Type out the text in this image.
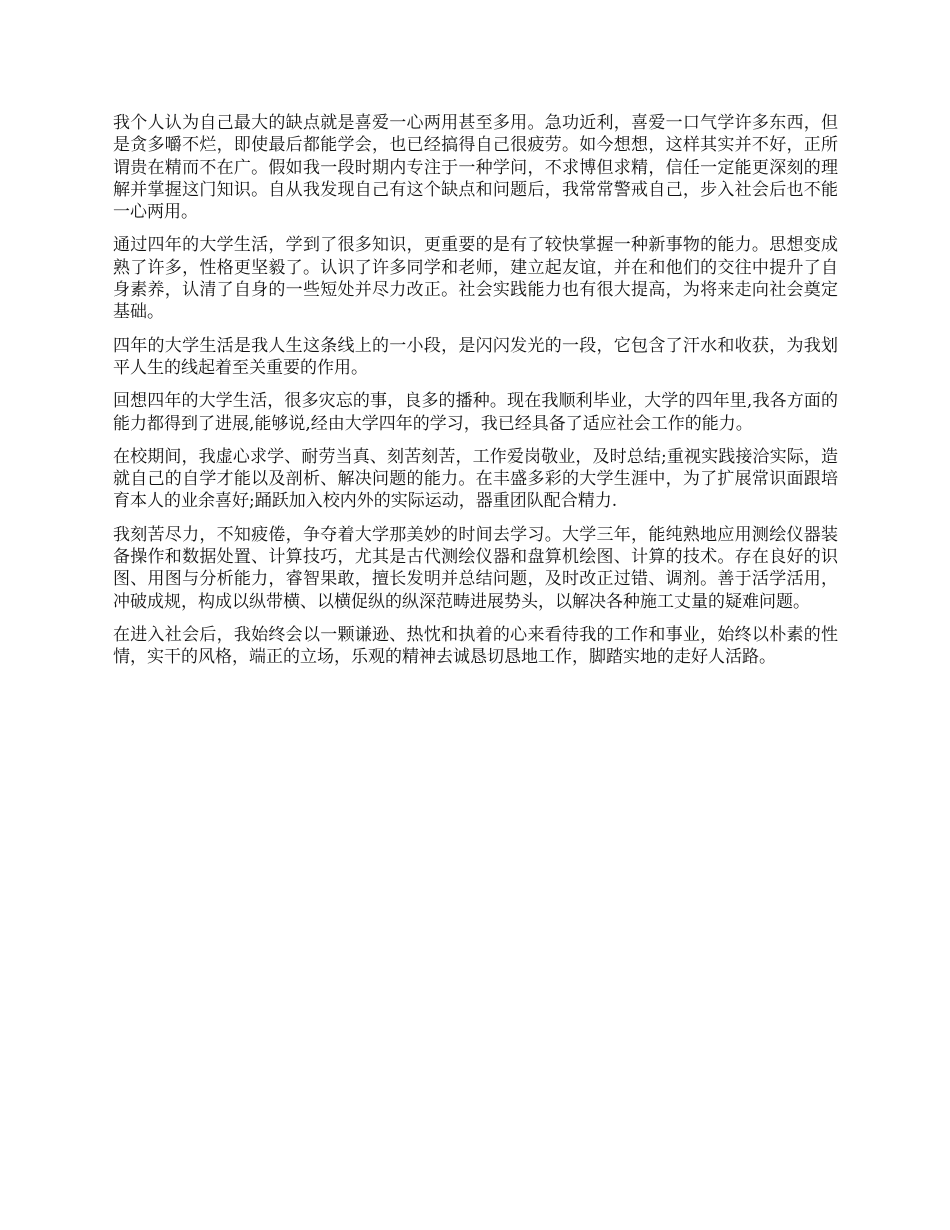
我个人认为自己最大的缺点就是喜爱一心两用甚至多用。急功近利，喜爱一口气学许多东西，但是贪多嚼不烂，即使最后都能学会，也已经搞得自己很疲劳。如今想想，这样其实并不好，正所谓贵在精而不在广。假如我一段时期内专注于一种学问，不求博但求精，信任一定能更深刻的理解并掌握这门知识。自从我发现自己有这个缺点和问题后，我常常警戒自己，步入社会后也不能一心两用。

通过四年的大学生活，学到了很多知识，更重要的是有了较快掌握一种新事物的能力。思想变成熟了许多，性格更坚毅了。认识了许多同学和老师，建立起友谊，并在和他们的交往中提升了自身素养，认清了自身的一些短处并尽力改正。社会实践能力也有很大提高，为将来走向社会奠定基础。

四年的大学生活是我人生这条线上的一小段，是闪闪发光的一段，它包含了汗水和收获，为我划平人生的线起着至关重要的作用。

回想四年的大学生活，很多灾忘的事，良多的播种。现在我顺利毕业，大学的四年里,我各方面的能力都得到了进展,能够说,经由大学四年的学习，我已经具备了适应社会工作的能力。

在校期间，我虚心求学、耐劳当真、刻苦刻苦，工作爱岗敬业，及时总结;重视实践接洽实际，造就自己的自学才能以及剖析、解决问题的能力。在丰盛多彩的大学生涯中，为了扩展常识面跟培育本人的业余喜好;踊跃加入校内外的实际运动，器重团队配合精力.

我刻苦尽力，不知疲倦，争夺着大学那美妙的时间去学习。大学三年，能纯熟地应用测绘仪器装备操作和数据处置、计算技巧，尤其是古代测绘仪器和盘算机绘图、计算的技术。存在良好的识图、用图与分析能力，睿智果敢，擅长发明并总结问题，及时改正过错、调剂。善于活学活用，冲破成规，构成以纵带横、以横促纵的纵深范畴进展势头，以解决各种施工丈量的疑难问题。

在进入社会后，我始终会以一颗谦逊、热忱和执着的心来看待我的工作和事业，始终以朴素的性情，实干的风格，端正的立场，乐观的精神去诚恳切恳地工作，脚踏实地的走好人活路。
